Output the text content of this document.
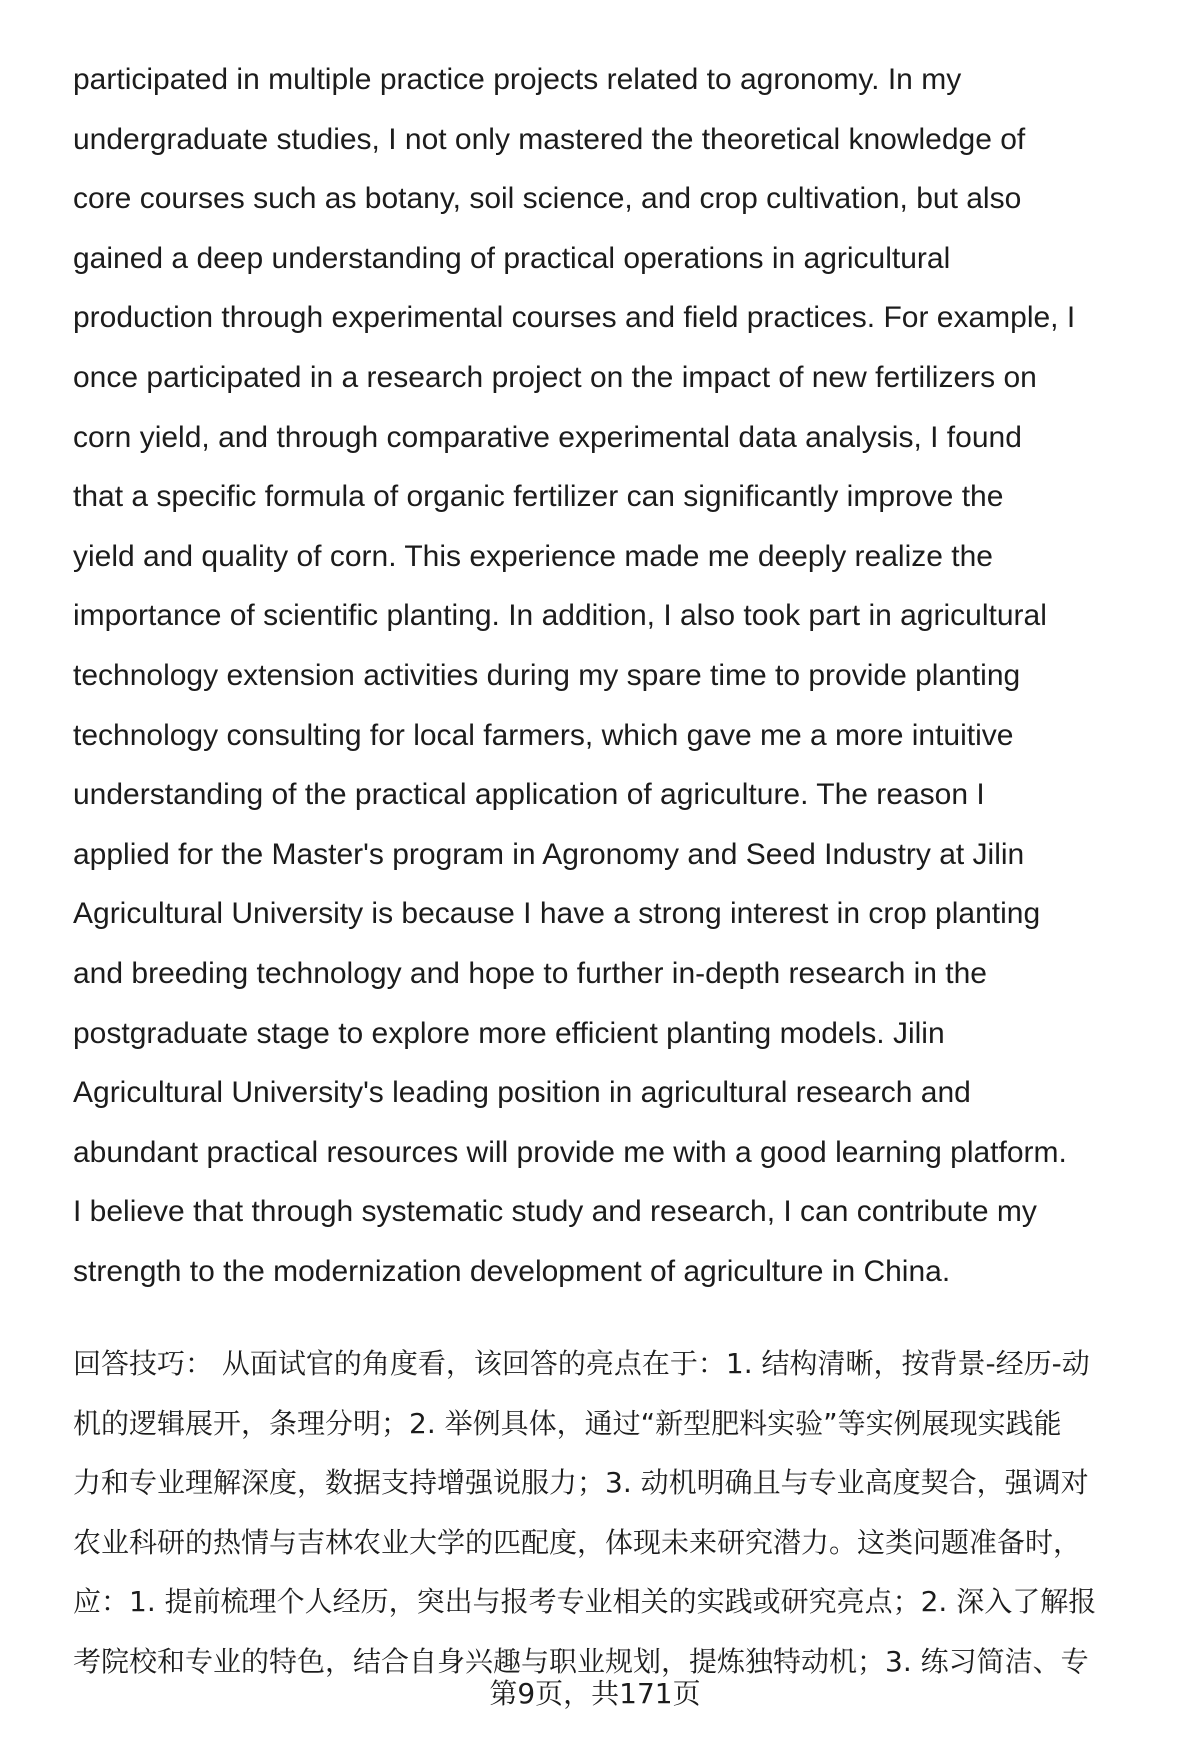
participated in multiple practice projects related to agronomy. In my
undergraduate studies, I not only mastered the theoretical knowledge of
core courses such as botany, soil science, and crop cultivation, but also
gained a deep understanding of practical operations in agricultural
production through experimental courses and field practices. For example, I
once participated in a research project on the impact of new fertilizers on
corn yield, and through comparative experimental data analysis, I found
that a specific formula of organic fertilizer can significantly improve the
yield and quality of corn. This experience made me deeply realize the
importance of scientific planting. In addition, I also took part in agricultural
technology extension activities during my spare time to provide planting
technology consulting for local farmers, which gave me a more intuitive
understanding of the practical application of agriculture. The reason I
applied for the Master's program in Agronomy and Seed Industry at Jilin
Agricultural University is because I have a strong interest in crop planting
and breeding technology and hope to further in-depth research in the
postgraduate stage to explore more efficient planting models. Jilin
Agricultural University's leading position in agricultural research and
abundant practical resources will provide me with a good learning platform.
I believe that through systematic study and research, I can contribute my
strength to the modernization development of agriculture in China.
回答技巧： 从面试官的角度看，该回答的亮点在于：1. 结构清晰，按背景-经历-动
机的逻辑展开，条理分明；2. 举例具体，通过“新型肥料实验”等实例展现实践能
力和专业理解深度，数据支持增强说服力；3. 动机明确且与专业高度契合，强调对
农业科研的热情与吉林农业大学的匹配度，体现未来研究潜力。这类问题准备时，
应：1. 提前梳理个人经历，突出与报考专业相关的实践或研究亮点；2. 深入了解报
考院校和专业的特色，结合自身兴趣与职业规划，提炼独特动机；3. 练习简洁、专
第9页，共171页
